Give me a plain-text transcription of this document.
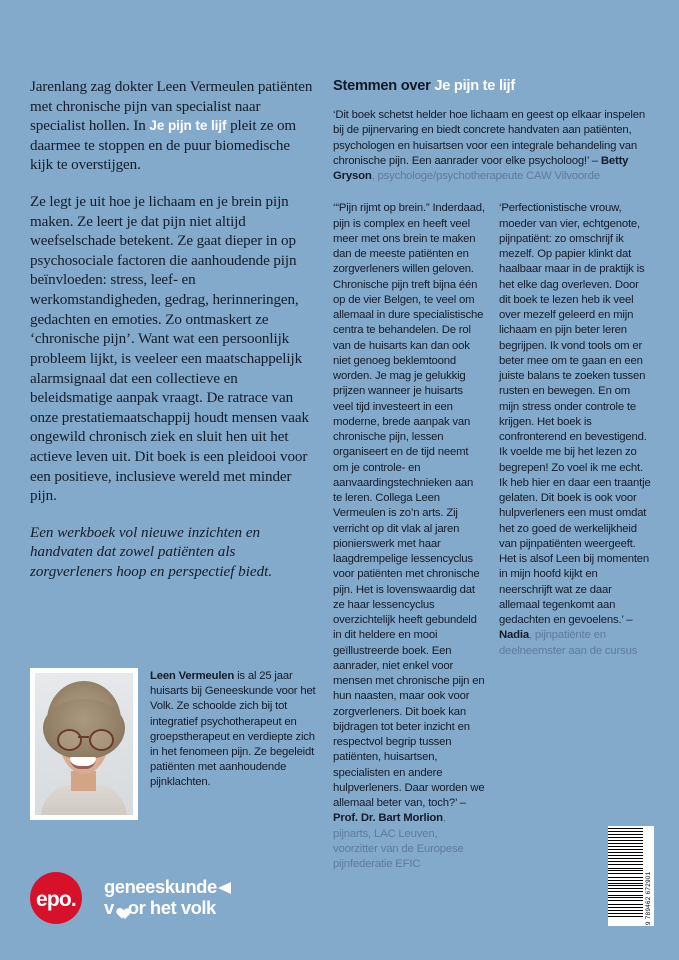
Jarenlang zag dokter Leen Vermeulen patiënten met chronische pijn van specialist naar specialist hollen. In Je pijn te lijf pleit ze om daarmee te stoppen en de puur biomedische kijk te overstijgen.

Ze legt je uit hoe je lichaam en je brein pijn maken. Ze leert je dat pijn niet altijd weefselschade betekent. Ze gaat dieper in op psychosociale factoren die aanhoudende pijn beïnvloeden: stress, leef- en werkomstandigheden, gedrag, herinneringen, gedachten en emoties. Zo ontmaskert ze ‘chronische pijn’. Want wat een persoonlijk probleem lijkt, is veeleer een maatschappelijk alarmsignaal dat een collectieve en beleidsmatige aanpak vraagt. De ratrace van onze prestatiemaatschappij houdt mensen vaak ongewild chronisch ziek en sluit hen uit het actieve leven uit. Dit boek is een pleidooi voor een positieve, inclusieve wereld met minder pijn.

Een werkboek vol nieuwe inzichten en handvaten dat zowel patiënten als zorgverleners hoop en perspectief biedt.

Leen Vermeulen is al 25 jaar huisarts bij Geneeskunde voor het Volk. Ze schoolde zich bij tot integratief psychotherapeut en groepstherapeut en verdiepte zich in het fenomeen pijn. Ze begeleidt patiënten met aanhoudende pijnklachten.
Stemmen over Je pijn te lijf
‘Dit boek schetst helder hoe lichaam en geest op elkaar inspelen bij de pijnervaring en biedt concrete handvaten aan patiënten, psychologen en huisartsen voor een integrale behandeling van chronische pijn. Een aanrader voor elke psycholoog!’ – Betty Gryson, psychologe/psychotherapeute CAW Vilvoorde
‘“Pijn rijmt op brein.” Inderdaad, pijn is complex en heeft veel meer met ons brein te maken dan de meeste patiënten en zorgverleners willen geloven. Chronische pijn treft bijna één op de vier Belgen, te veel om allemaal in dure specialistische centra te behandelen. De rol van de huisarts kan dan ook niet genoeg beklemtoond worden. Je mag je gelukkig prijzen wanneer je huisarts veel tijd investeert in een moderne, brede aanpak van chronische pijn, lessen organiseert en de tijd neemt om je controle- en aanvaardingstechnieken aan te leren. Collega Leen Vermeulen is zo’n arts. Zij verricht op dit vlak al jaren pionierswerk met haar laagdrempelige lessencyclus voor patiënten met chronische pijn. Het is lovenswaardig dat ze haar lessencyclus overzichtelijk heeft gebundeld in dit heldere en mooi geïllustreerde boek. Een aanrader, niet enkel voor mensen met chronische pijn en hun naasten, maar ook voor zorgverleners. Dit boek kan bijdragen tot beter inzicht en respectvol begrip tussen patiënten, huisartsen, specialisten en andere hulpverleners. Daar worden we allemaal beter van, toch?’ – Prof. Dr. Bart Morlion, pijnarts, LAC Leuven, voorzitter van de Europese pijnfederatie EFIC
‘Perfectionistische vrouw, moeder van vier, echtgenote, pijnpatiënt: zo omschrijf ik mezelf. Op papier klinkt dat haalbaar maar in de praktijk is het elke dag overleven. Door dit boek te lezen heb ik veel over mezelf geleerd en mijn lichaam en pijn beter leren begrijpen. Ik vond tools om er beter mee om te gaan en een juiste balans te zoeken tussen rusten en bewegen. En om mijn stress onder controle te krijgen. Het boek is confronterend en bevestigend. Ik voelde me bij het lezen zo begrepen! Zo voel ik me echt. Ik heb hier en daar een traantje gelaten. Dit boek is ook voor hulpverleners een must omdat het zo goed de werkelijkheid van pijnpatiënten weergeeft. Het is alsof Leen bij momenten in mijn hoofd kijkt en neerschrijft wat ze daar allemaal tegenkomt aan gedachten en gevoelens.’ – Nadia, pijnpatiënte en deelneemster aan de cursus
epo.
geneeskunde
v or het volk	9 789462 672901
